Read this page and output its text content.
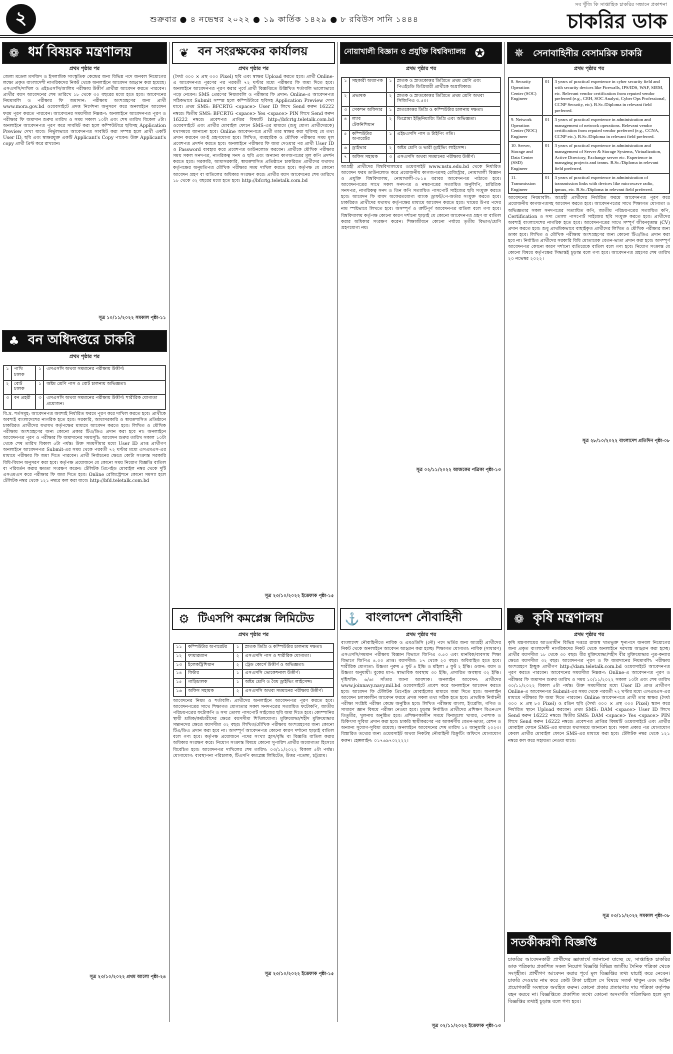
২	শুক্রবার ● ৪ নভেম্বর ২০২২ ● ১৯ কার্তিক ১৪২৯ ● ৮ রবিউস সানি ১৪৪৪
সব খুঁজি কি সাপ্তাহিক চাকরির সন্ধানে প্রকাশনা
চাকরির ডাক
❁ ধর্ম বিষয়ক মন্ত্রণালয়
প্রথম পৃষ্ঠার পর
জেলা মডেল মসজিদ ও ইসলামিক সাংস্কৃতিক কেন্দ্রের জন্য বিভিন্ন পদে জনবল নিয়োগের লক্ষ্যে প্রকৃত বাংলাদেশী নাগরিকদের নিকট থেকে অনলাইনে আবেদন আহ্বান করা হয়েছে। এসএসসি/দাখিল ও এইচএসসি/আলিম পরীক্ষায় উত্তীর্ণ প্রার্থীরা আবেদন করতে পারবেন। প্রার্থীর বয়স আবেদনের শেষ তারিখে ১৮ থেকে ৩০ বছরের মধ্যে হতে হবে। আবেদনের নিয়মাবলি ও পরীক্ষার ফি জমাদান: পরীক্ষায় অংশগ্রহণের জন্য প্রার্থী www.mora.gov.bd ওয়েবসাইটে প্রদত্ত নির্দেশনা অনুসরণ করে অনলাইনে আবেদন ফরম পূরণ করতে পারবেন। আবেদনের সময়সীমা নিম্নরূপ: অনলাইনে আবেদনপত্র পূরণ ও পরীক্ষার ফি জমাদান শুরুর তারিখ ও সময় সকাল ১০টা এবং শেষ তারিখ বিকেল ৫টা। অনলাইনে আবেদনপত্র পূরণ করে সাবমিট করা হলে কম্পিউটারে ছবিসহ Application Preview দেখা যাবে। নির্ভুলভাবে আবেদনপত্র সাবমিট করা সম্পন্ন হলে প্রার্থী একটি User ID, ছবি এবং স্বাক্ষরযুক্ত একটি Applicant's Copy পাবেন। উক্ত Applicant's copy প্রার্থী প্রিন্ট করে রাখবেন।
সূত্র ১০/১১/২০২২ সমকাল পৃষ্ঠা-১১
♣ বন অধিদপ্তরে চাকরি
প্রথম পৃষ্ঠার পর
১	পাখি চালক	১	এসএসসি অথবা সমমানের পরীক্ষায় উত্তীর্ণ।
২	বোট চালক	১	অষ্টম শ্রেণি পাস ও বোট চালনায় অভিজ্ঞতা।
৩	বন প্রহরী	৩	এসএসসি অথবা সমমানের পরীক্ষায় উত্তীর্ণ। শারীরিক যোগ্যতা প্রয়োজন।
বি.দ্র. শর্তসমূহ: আবেদনপত্র অবশ্যই নির্ধারিত ফরমে পূরণ করে দাখিল করতে হবে। প্রার্থীকে অবশ্যই বাংলাদেশের নাগরিক হতে হবে। সরকারি, আধাসরকারি ও স্বায়ত্তশাসিত প্রতিষ্ঠানে চাকরিরত প্রার্থীদের যথাযথ কর্তৃপক্ষের মাধ্যমে আবেদন করতে হবে। লিখিত ও মৌখিক পরীক্ষায় অংশগ্রহণের জন্য কোনো প্রকার টিএ/ডিএ প্রদান করা হবে না। অনলাইনে আবেদনপত্র পূরণ ও পরীক্ষার ফি জমাদানের সময়সূচি: আবেদন শুরুর তারিখ সকাল ১০টা থেকে শেষ তারিখ বিকাল ৫টা পর্যন্ত। উক্ত সময়সীমার মধ্যে User ID প্রাপ্ত প্রার্থীগণ অনলাইনে আবেদনপত্র Submit-এর সময় থেকে পরবর্তী ৭২ ঘণ্টার মধ্যে এসএমএস-এর মাধ্যমে পরীক্ষার ফি জমা দিতে পারবেন। প্রার্থী নির্বাচনের ক্ষেত্রে কোটা সংক্রান্ত সরকারি বিধি-বিধান অনুসরণ করা হবে। কর্তৃপক্ষ প্রয়োজনে যে কোনো সময় নিয়োগ বিজ্ঞপ্তি বাতিল বা পরিবর্তন করার ক্ষমতা সংরক্ষণ করেন। টেলিটক প্রিপেইড মোবাইল নম্বর থেকে দুটি এসএমএস করে পরীক্ষার ফি জমা দিতে হবে। Online রেজিস্ট্রেশনে কোনো সমস্যা হলে টেলিটক নম্বর থেকে ১২১ নম্বরে কল করা যাবে। http://bfd.teletalk.com.bd
সূত্র ২৩/১০/২০২২ প্রথম আলো পৃষ্ঠা-২৪
❦ বন সংরক্ষকের কার্যালয়
প্রথম পৃষ্ঠার পর
(দৈর্ঘ্য ৩০০ × প্রস্থ ৩০০ Pixel) ছবি এবং স্বাক্ষর Upload করতে হবে। প্রার্থী Online-এ আবেদনপত্র পূরণের পর পরবর্তী ৭২ ঘণ্টার মধ্যে পরীক্ষার ফি জমা দিতে হবে। অনলাইনে আবেদনপত্র পূরণ করার পূর্বে প্রার্থী বিজ্ঞপ্তিতে উল্লিখিত শর্তাবলি ভালোভাবে পড়ে নেবেন। SMS প্রেরণের নিয়মাবলি ও পরীক্ষার ফি প্রদান: Online-এ আবেদনপত্র সঠিকভাবে Submit সম্পন্ন হলে কম্পিউটারে ছবিসহ Application Preview দেখা যাবে। প্রথম SMS: BFCRTG <space> User ID লিখে Send করুন 16222 নম্বরে। দ্বিতীয় SMS: BFCRTG <space> Yes <space> PIN লিখে Send করুন 16222 নম্বরে। প্রবেশপত্র প্রাপ্তির বিষয়টি http://bfcrtg.teletalk.com.bd ওয়েবসাইটে এবং প্রার্থীর মোবাইল ফোনে SMS-এর মাধ্যমে (শুধু যোগ্য প্রার্থীদেরকে) যথাসময়ে জানানো হবে। Online আবেদনপত্রে প্রার্থী তার স্বাক্ষর করা ছবিসহ যে তথ্য প্রদান করবেন তা-ই গ্রহণযোগ্য হবে। লিখিত, ব্যবহারিক ও মৌখিক পরীক্ষার সময় মূল প্রবেশপত্র প্রদর্শন করতে হবে। অনলাইনে পরীক্ষার ফি জমা দেওয়ার পর প্রার্থী User ID ও Password ব্যবহার করে প্রবেশপত্র ডাউনলোড করবেন। প্রার্থীকে মৌখিক পরীক্ষার সময় সকল সনদপত্র, নাগরিকত্ব সনদ ও ছবি এবং অন্যান্য কাগজপত্রের মূল কপি প্রদর্শন করতে হবে। সরকারি, আধাসরকারি, স্বায়ত্তশাসিত প্রতিষ্ঠানে চাকরিরত প্রার্থীদের যথাযথ কর্তৃপক্ষের অনুমতিপত্র মৌখিক পরীক্ষার সময় দাখিল করতে হবে। কর্তৃপক্ষ যে কোনো আবেদন গ্রহণ বা বাতিলের অধিকার সংরক্ষণ করে। প্রার্থীর বয়স আবেদনের শেষ তারিখে ১৮ থেকে ৩২ বছরের মধ্যে হতে হবে। http://bfcrtg.teletalk.com.bd
সূত্র ২৩/১০/২০২২ ইত্তেফাক পৃষ্ঠা-১৫
⚙ টিএসপি কমপ্লেক্স লিমিটেড
প্রথম পৃষ্ঠার পর
১১	কম্পিউটার অপারেটর	১	স্নাতক ডিগ্রি ও কম্পিউটার চালনায় দক্ষতা।
১২	ফায়ারম্যান	২	এসএসসি পাস ও শারীরিক যোগ্যতা।
১৩	ইলেকট্রিশিয়ান	২	ট্রেড কোর্সে উত্তীর্ণ ও অভিজ্ঞতা।
১৪	ফিটার	১	এসএসসি ভোকেশনাল উত্তীর্ণ।
১৫	গাড়িচালক	১	অষ্টম শ্রেণি ও বৈধ ড্রাইভিং লাইসেন্স।
১৬	অফিস সহায়ক	২	এসএসসি অথবা সমমানের পরীক্ষায় উত্তীর্ণ।
আবেদনের নিয়ম ও শর্তাবলি: প্রার্থীদের অনলাইনে আবেদনপত্র পূরণ করতে হবে। আবেদনপত্রের সাথে শিক্ষাগত যোগ্যতার সকল সনদপত্রের সত্যায়িত ফটোকপি, জাতীয় পরিচয়পত্রের ফটোকপি ও সদ্য তোলা পাসপোর্ট সাইজের ছবি জমা দিতে হবে। কোম্পানির স্থায়ী শ্রমিক/কর্মচারীদের ক্ষেত্রে বয়সসীমা শিথিলযোগ্য। মুক্তিযোদ্ধা/শহীদ মুক্তিযোদ্ধার সন্তানদের ক্ষেত্রে বয়সসীমা ৩২ বছর। লিখিত/মৌখিক পরীক্ষায় অংশগ্রহণের জন্য কোনো টিএ/ডিএ প্রদান করা হবে না। অসম্পূর্ণ আবেদনপত্র কোনো কারণ দর্শানো ছাড়াই বাতিল বলে গণ্য হবে। কর্তৃপক্ষ প্রয়োজনে পদের সংখ্যা হ্রাস/বৃদ্ধি বা বিজ্ঞপ্তি বাতিল করার অধিকার সংরক্ষণ করে। নিয়োগ সংক্রান্ত বিষয়ে কোনো সুপারিশ প্রার্থীর অযোগ্যতা হিসেবে বিবেচিত হবে। আবেদনপত্র দাখিলের শেষ তারিখ: ০৩/১১/২০২২ বিকাল ৫টা পর্যন্ত। যোগাযোগ: ব্যবস্থাপনা পরিচালক, টিএসপি কমপ্লেক্স লিমিটেড, উত্তর পতেঙ্গা, চট্টগ্রাম।
সূত্র ২৩/১০/২০২২ ইত্তেফাক পৃষ্ঠা-১৫
নোয়াখালী বিজ্ঞান ও প্রযুক্তি বিশ্ববিদ্যালয় ✪
প্রথম পৃষ্ঠার পর
১	সহকারী অধ্যাপক	১	স্নাতক ও স্নাতকোত্তর ডিগ্রিতে প্রথম শ্রেণি এবং পিএইচডি ডিগ্রিধারী প্রার্থীকে অগ্রাধিকার।
২	প্রভাষক	২	স্নাতক ও স্নাতকোত্তর ডিগ্রিতে প্রথম শ্রেণি অথবা সিজিপিএ ৩.৫০।
৩	সেকশন অফিসার	১	স্নাতকোত্তর ডিগ্রি ও কম্পিউটার চালনায় দক্ষতা।
৪	ল্যাব টেকনিশিয়ান	২	ডিপ্লোমা ইঞ্জিনিয়ারিং ডিগ্রি এবং অভিজ্ঞতা।
৫	কম্পিউটার অপারেটর	১	এইচএসসি পাস ও টাইপিং গতি।
৬	ড্রাইভার	২	অষ্টম শ্রেণি ও ভারী ড্রাইভিং লাইসেন্স।
৭	অফিস সহায়ক	৩	এসএসসি অথবা সমমানের পরীক্ষায় উত্তীর্ণ।
আগ্রহী প্রার্থীদের বিশ্ববিদ্যালয়ের ওয়েবসাইট www.nstu.edu.bd থেকে নির্ধারিত আবেদন ফরম ডাউনলোড করে প্রয়োজনীয় কাগজপত্রসহ রেজিস্ট্রার, নোয়াখালী বিজ্ঞান ও প্রযুক্তি বিশ্ববিদ্যালয়, নোয়াখালী-৩৮১৪ বরাবর আবেদনপত্র পাঠাতে হবে। আবেদনপত্রের সাথে সকল সনদপত্র ও নম্বরপত্রের সত্যায়িত অনুলিপি, চারিত্রিক সনদপত্র, নাগরিকত্ব সনদ ও তিন কপি সত্যায়িত পাসপোর্ট সাইজের ছবি সংযুক্ত করতে হবে। আবেদন ফি বাবদ অফেরতযোগ্য ব্যাংক ড্রাফট/পে-অর্ডার সংযুক্ত করতে হবে। চাকরিরত প্রার্থীদের যথাযথ কর্তৃপক্ষের মাধ্যমে আবেদন করতে হবে। খামের উপর পদের নাম স্পষ্টভাবে লিখতে হবে। অসম্পূর্ণ ও ত্রুটিপূর্ণ আবেদনপত্র বাতিল বলে গণ্য হবে। বিশ্ববিদ্যালয় কর্তৃপক্ষ কোনো কারণ দর্শানো ছাড়াই যে কোনো আবেদনপত্র গ্রহণ বা বাতিল করার অধিকার সংরক্ষণ করেন। শিক্ষাজীবনে কোনো পর্যায়ে তৃতীয় বিভাগ/শ্রেণি গ্রহণযোগ্য নয়।
সূত্র ০২/১১/২০২২ আজকের পত্রিকা পৃষ্ঠা-১৩
⚓ বাংলাদেশ নৌবাহিনী
প্রথম পৃষ্ঠার পর
বাংলাদেশ নৌবাহিনীতে নাবিক ও এমওডিসি (নৌ) পদে ভর্তির জন্য আগ্রহী প্রার্থীদের নিকট থেকে অনলাইনে আবেদন আহ্বান করা হচ্ছে। শিক্ষাগত যোগ্যতা: নাবিক (সাধারণ) এসএসসি/সমমান পরীক্ষায় বিজ্ঞান বিভাগে জিপিএ ৩.৫০ এবং মানবিক/ব্যবসায় শিক্ষা বিভাগে জিপিএ ৪.০০ প্রাপ্ত। বয়সসীমা: ১৭ থেকে ২০ বছর। অবিবাহিত হতে হবে। শারীরিক যোগ্যতা: উচ্চতা পুরুষ ৫ ফুট ৪ ইঞ্চি ও মহিলা ৫ ফুট ২ ইঞ্চি। ওজন: বয়স ও উচ্চতা অনুযায়ী। বুকের মাপ: স্বাভাবিক অবস্থায় ৩০ ইঞ্চি, প্রসারিত অবস্থায় ৩২ ইঞ্চি। দৃষ্টিশক্তি: ৬/৬। সাঁতার জানা আবশ্যক। অনলাইন আবেদন: প্রার্থীদের www.joinnavy.navy.mil.bd ওয়েবসাইটে প্রবেশ করে অনলাইনে আবেদন করতে হবে। আবেদন ফি টেলিটক প্রিপেইড মোবাইলের মাধ্যমে জমা দিতে হবে। অনলাইন আবেদন চলাকালীন আবেদন ফরমে প্রদত্ত সকল তথ্য সঠিক হতে হবে। প্রাথমিক নির্বাচনী পরীক্ষা সংশ্লিষ্ট পরীক্ষা কেন্দ্রে অনুষ্ঠিত হবে। লিখিত পরীক্ষায় বাংলা, ইংরেজি, গণিত ও সাধারণ জ্ঞান বিষয়ে পরীক্ষা নেওয়া হবে। চূড়ান্ত নির্বাচিত প্রার্থীদের প্রশিক্ষণ বিএনএস তিতুমীর, খুলনায় অনুষ্ঠিত হবে। প্রশিক্ষণকালীন সময়ে বিনামূল্যে খাবার, পোশাক ও চিকিৎসা সুবিধা প্রদান করা হবে। চাকরি স্থায়ীকরণের পর আকর্ষণীয় বেতন-ভাতা, রেশন ও অন্যান্য সুযোগ-সুবিধা রয়েছে। অনলাইনে আবেদনের শেষ তারিখ ১০ জানুয়ারি ২০২৩। বিস্তারিত তথ্যের জন্য ওয়েবসাইট অথবা নিকটস্থ নৌবাহিনী রিক্রুটিং অফিসে যোগাযোগ করুন। হেল্পলাইন: ০১৭৬৯৭০২২২২।
সূত্র ০২/১১/২০২২ ইত্তেফাক পৃষ্ঠা-১৩
✵ সেনাবাহিনীর বেসামরিক চাকরি
প্রথম পৃষ্ঠার পর
8. Security Operation Center (SOC) Engineer	01	3 years of practical experience in cyber security field and with security devices like Firewalls, IPS/IDS, WAF, SIEM, etc. Relevant vendor certification from reputed vendor preferred (e.g., CEH, SOC Analyst, Cyber Ops Professional, CCNP Security, etc). B.Sc./Diploma in relevant field preferred.
9. Network Operation Center (NOC) Engineer	01	3 years of practical experience in administration and management of network operations. Relevant vendor certification from reputed vendor preferred (e.g., CCNA, CCNP etc.). B.Sc./Diploma in relevant field preferred.
10. Server, Storage and Data Center (SSD) Engineer	01	3 years of practical experience in administration and management of Server & Storage Systems, Virtualization, Active Directory, Exchange server etc. Experience in managing projects and teams. B.Sc./Diploma in relevant field preferred.
11. Transmission Engineer	01	3 years of practical experience in administration of transmission links with devices like microwave radio, ipmux, etc. B.Sc./Diploma in relevant field preferred.
আবেদনের নিয়মাবলি: আগ্রহী প্রার্থীদের নির্ধারিত ফরমে আবেদনপত্র পূরণ করে প্রয়োজনীয় কাগজপত্রসহ আবেদন করতে হবে। আবেদনপত্রের সাথে শিক্ষাগত যোগ্যতা ও অভিজ্ঞতার সকল সনদপত্রের সত্যায়িত কপি, জাতীয় পরিচয়পত্রের সত্যায়িত কপি, Certification ও সদ্য তোলা পাসপোর্ট সাইজের ছবি সংযুক্ত করতে হবে। প্রার্থীদের অবশ্যই বাংলাদেশের নাগরিক হতে হবে। আবেদনপত্রের সাথে সম্পূর্ণ জীবনবৃত্তান্ত (CV) প্রদান করতে হবে। শুধু প্রাথমিকভাবে বাছাইকৃত প্রার্থীদের লিখিত ও মৌখিক পরীক্ষার জন্য ডাকা হবে। লিখিত ও মৌখিক পরীক্ষায় অংশগ্রহণের জন্য কোনো টিএ/ডিএ প্রদান করা হবে না। নির্বাচিত প্রার্থীদের সরকারি বিধি মোতাবেক বেতন-ভাতা প্রদান করা হবে। অসম্পূর্ণ আবেদনপত্র কোনো কারণ দর্শানো ব্যতিরেকে বাতিল বলে গণ্য হবে। নিয়োগ সংক্রান্ত যে কোনো বিষয়ে কর্তৃপক্ষের সিদ্ধান্তই চূড়ান্ত বলে গণ্য হবে। আবেদনপত্র গ্রহণের শেষ তারিখ ২০ নভেম্বর ২০২২।
সূত্র ২৮/১০/২০২২ বাংলাদেশ প্রতিদিন পৃষ্ঠা-০৮
❁ কৃষি মন্ত্রণালয়
প্রথম পৃষ্ঠার পর
কৃষি মন্ত্রণালয়ের আওতাধীন বিভিন্ন দপ্তরে রাজস্ব খাতভুক্ত শূন্যপদে জনবল নিয়োগের জন্য প্রকৃত বাংলাদেশী নাগরিকদের নিকট থেকে অনলাইনে দরখাস্ত আহ্বান করা হচ্ছে। প্রার্থীর বয়সসীমা ১৮ থেকে ৩০ বছর। বীর মুক্তিযোদ্ধা/শহীদ বীর মুক্তিযোদ্ধার পুত্র-কন্যার ক্ষেত্রে বয়সসীমা ৩২ বছর। আবেদনপত্র পূরণ ও ফি জমাদানের নিয়মাবলি: পরীক্ষায় অংশগ্রহণে ইচ্ছুক প্রার্থীগণ http://dam.teletalk.com.bd ওয়েবসাইটে আবেদনপত্র পূরণ করতে পারবেন। আবেদনের সময়সীমা নিম্নরূপ: Online-এ আবেদনপত্র পূরণ ও পরীক্ষার ফি জমাদান শুরুর তারিখ ও সময় ১০/১১/২০২২ সকাল ১০টা এবং শেষ তারিখ ৩০/১১/২০২২ বিকাল ৫টা পর্যন্ত। উক্ত সময়সীমার মধ্যে User ID প্রাপ্ত প্রার্থীগণ Online-এ আবেদনপত্র Submit-এর সময় থেকে পরবর্তী ৭২ ঘণ্টার মধ্যে এসএমএস-এর মাধ্যমে পরীক্ষার ফি জমা দিতে পারবেন। Online আবেদনপত্রে প্রার্থী তার স্বাক্ষর (দৈর্ঘ্য ৩০০ × প্রস্থ ৮০ Pixel) ও রঙিন ছবি (দৈর্ঘ্য ৩০০ × প্রস্থ ৩০০ Pixel) স্ক্যান করে নির্ধারিত স্থানে Upload করবেন। প্রথম SMS: DAM <space> User ID লিখে Send করুন 16222 নম্বরে। দ্বিতীয় SMS: DAM <space> Yes <space> PIN লিখে Send করুন 16222 নম্বরে। প্রবেশপত্র প্রাপ্তির বিষয়টি ওয়েবসাইটে এবং প্রার্থীর মোবাইল ফোনে SMS-এর মাধ্যমে যথাসময়ে জানানো হবে। সকল প্রকার পত্র যোগাযোগ কেবল প্রার্থীর মোবাইল ফোনে SMS-এর মাধ্যমে করা হবে। টেলিটক নম্বর থেকে ১২১ নম্বরে কল করে সহায়তা নেওয়া যাবে।
সূত্র ০৩/১১/২০২২ সমকাল পৃষ্ঠা-০৮
সতর্কীকরণী বিজ্ঞপ্তি
চাকরির আবেদনকারী প্রার্থীদের জ্ঞাতার্থে জানানো যাচ্ছে যে, সাপ্তাহিক চাকরির ডাক পত্রিকায় প্রকাশিত সকল নিয়োগ বিজ্ঞপ্তি বিভিন্ন জাতীয় দৈনিক পত্রিকা থেকে সংগৃহীত। প্রার্থীগণ আবেদন করার পূর্বে মূল বিজ্ঞপ্তির তথ্য যাচাই করে নেবেন। চাকরি দেওয়ার নাম করে কেউ টাকা চাইলে সে বিষয়ে সতর্ক থাকুন এবং আইন প্রয়োগকারী সংস্থাকে অবহিত করুন। কোনো প্রকার প্রতারণার দায় পত্রিকা কর্তৃপক্ষ বহন করবে না। বিজ্ঞপ্তিতে প্রকাশিত তথ্যে কোনো অসংগতি পরিলক্ষিত হলে মূল বিজ্ঞপ্তির তথ্যই চূড়ান্ত বলে গণ্য হবে।
